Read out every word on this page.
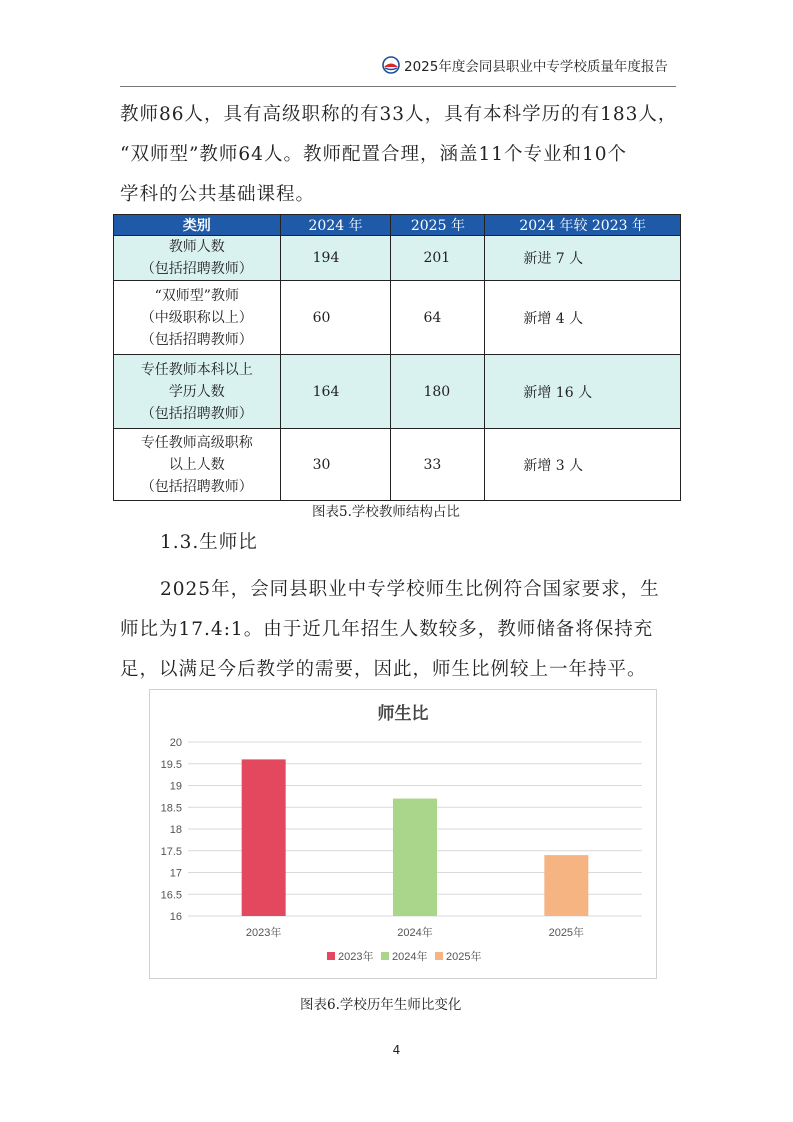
2025年度会同县职业中专学校质量年度报告
教师86人，具有高级职称的有33人，具有本科学历的有183人，
“双师型”教师64人。教师配置合理，涵盖11个专业和10个
学科的公共基础课程。
类别	2024 年	2025 年	2024 年较 2023 年

教师人数
（包括招聘教师）	194	201	新进 7 人

“双师型”教师
（中级职称以上）
（包括招聘教师）	60	64	新增 4 人

专任教师本科以上
学历人数
（包括招聘教师）	164	180	新增 16 人

专任教师高级职称
以上人数
（包括招聘教师）	30	33	新增 3 人
图表5.学校教师结构占比
1.3.生师比
2025年，会同县职业中专学校师生比例符合国家要求，生
师比为17.4:1。由于近几年招生人数较多，教师储备将保持充
足，以满足今后教学的需要，因此，师生比例较上一年持平。
师生比
16
16.5
17
17.5
18
18.5
19
19.5
20
2023年	2024年	2025年
2023年 2024年 2025年
图表6.学校历年生师比变化
4
